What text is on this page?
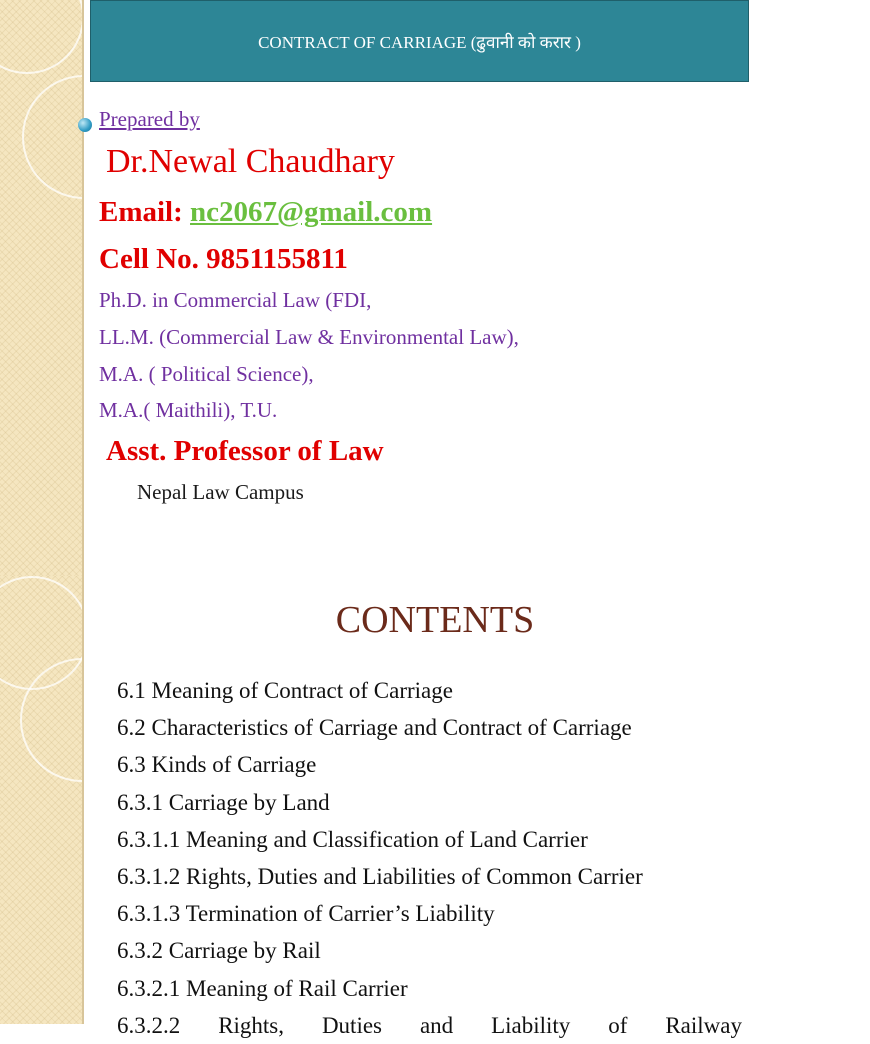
CONTRACT OF CARRIAGE (ढुवानी को करार )
Prepared by
Dr.Newal Chaudhary
Email: nc2067@gmail.com
Cell No. 9851155811
Ph.D. in Commercial Law (FDI,
LL.M. (Commercial Law & Environmental Law),
M.A. ( Political Science),
M.A.( Maithili), T.U.
Asst. Professor of Law
Nepal Law Campus
CONTENTS
6.1 Meaning of Contract of Carriage
6.2 Characteristics of Carriage and Contract of Carriage
6.3 Kinds of Carriage
6.3.1 Carriage by Land
6.3.1.1 Meaning and Classification of Land Carrier
6.3.1.2 Rights, Duties and Liabilities of Common Carrier
6.3.1.3 Termination of Carrier’s Liability
6.3.2 Carriage by Rail
6.3.2.1 Meaning of Rail Carrier
6.3.2.2 Rights, Duties and Liability of Railway
